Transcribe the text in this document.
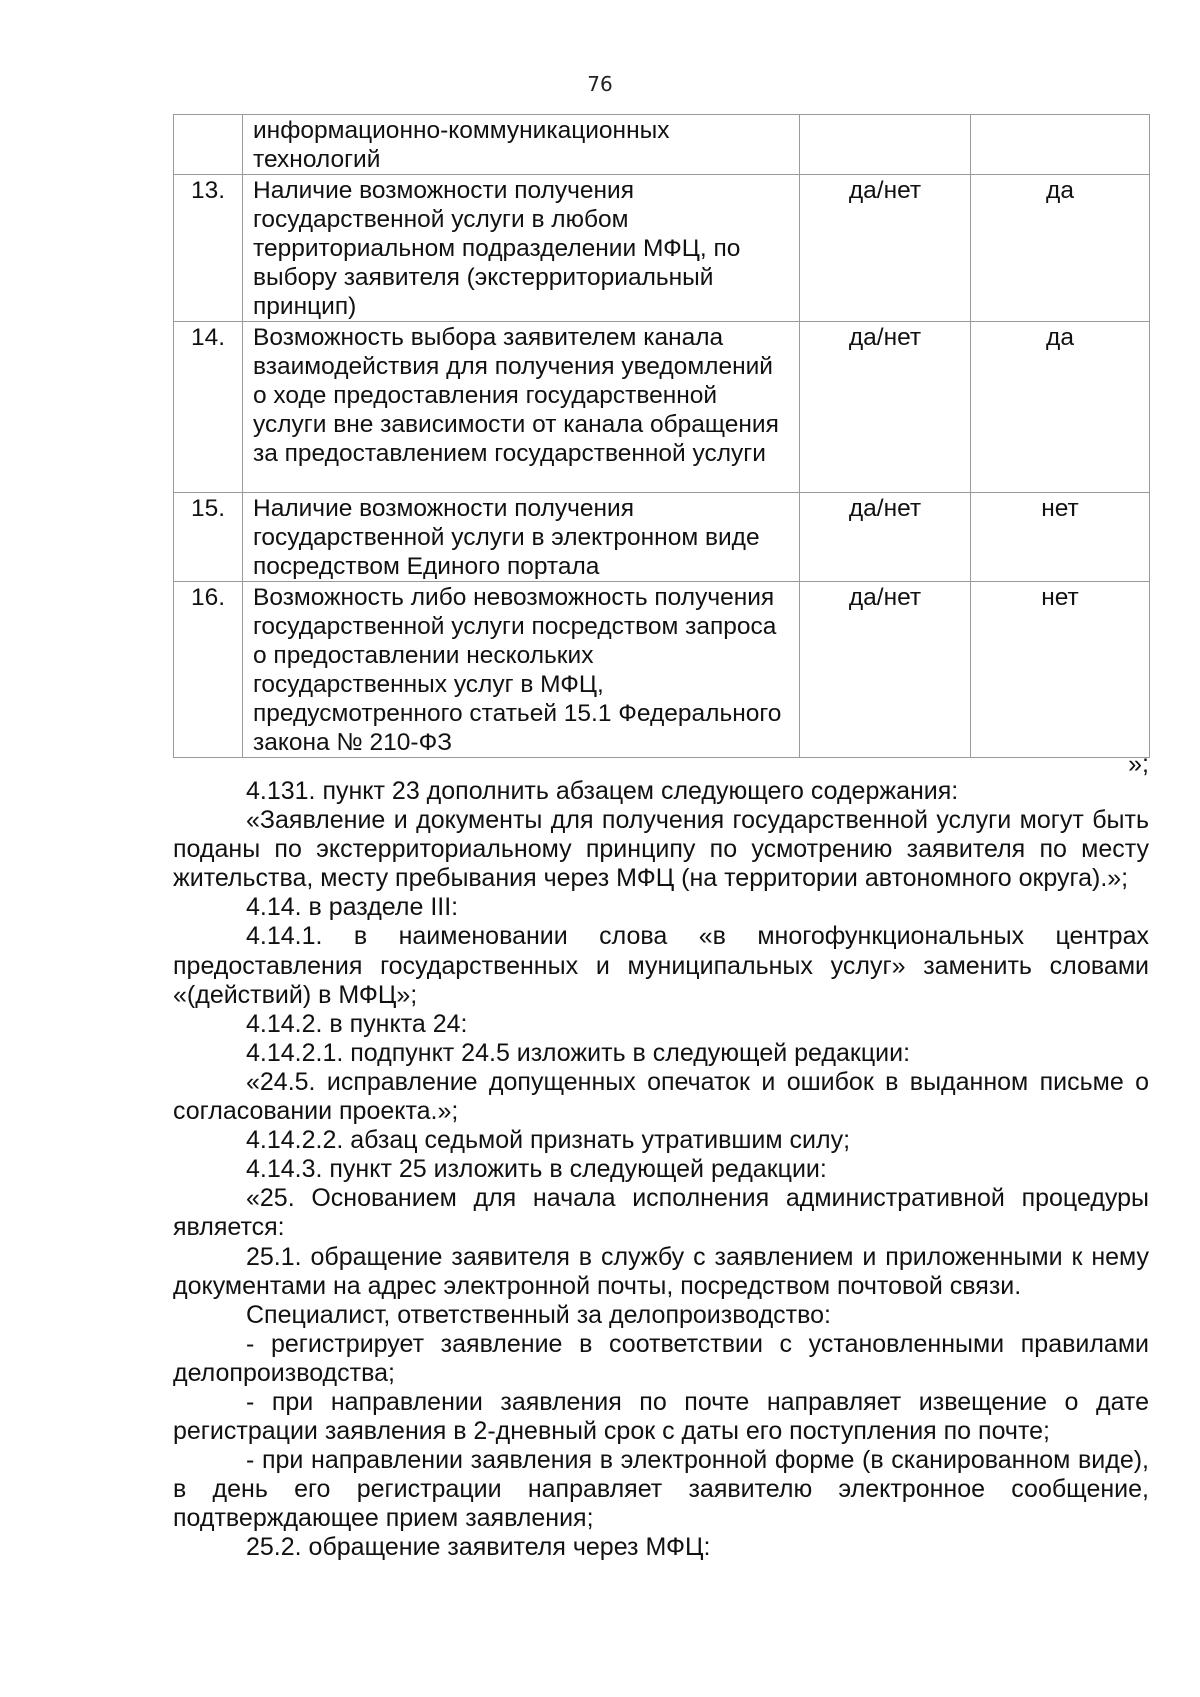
76
	информационно-коммуникационных технологий		
13.	Наличие возможности получения государственной услуги в любом территориальном подразделении МФЦ, по выбору заявителя (экстерриториальный принцип)	да/нет	да
14.	Возможность выбора заявителем канала взаимодействия для получения уведомлений о ходе предоставления государственной услуги вне зависимости от канала обращения за предоставлением государственной услуги	да/нет	да
15.	Наличие возможности получения государственной услуги в электронном виде посредством Единого портала	да/нет	нет
16.	Возможность либо невозможность получения государственной услуги посредством запроса о предоставлении нескольких государственных услуг в МФЦ, предусмотренного статьей 15.1 Федерального закона № 210-ФЗ	да/нет	нет
»;

4.131. пункт 23 дополнить абзацем следующего содержания:

«Заявление и документы для получения государственной услуги могут быть поданы по экстерриториальному принципу по усмотрению заявителя по месту жительства, месту пребывания через МФЦ (на территории автономного округа).»;

4.14. в разделе III:

4.14.1. в наименовании слова «в многофункциональных центрах предоставления государственных и муниципальных услуг» заменить словами «(действий) в МФЦ»;

4.14.2. в пункта 24:

4.14.2.1. подпункт 24.5 изложить в следующей редакции:

«24.5. исправление допущенных опечаток и ошибок в выданном письме о согласовании проекта.»;

4.14.2.2. абзац седьмой признать утратившим силу;

4.14.3. пункт 25 изложить в следующей редакции:

«25. Основанием для начала исполнения административной процедуры является:

25.1. обращение заявителя в службу с заявлением и приложенными к нему документами на адрес электронной почты, посредством почтовой связи.

Специалист, ответственный за делопроизводство:

- регистрирует заявление в соответствии с установленными правилами делопроизводства;

- при направлении заявления по почте направляет извещение о дате регистрации заявления в 2-дневный срок с даты его поступления по почте;

- при направлении заявления в электронной форме (в сканированном виде), в день его регистрации направляет заявителю электронное сообщение, подтверждающее прием заявления;

25.2. обращение заявителя через МФЦ:
